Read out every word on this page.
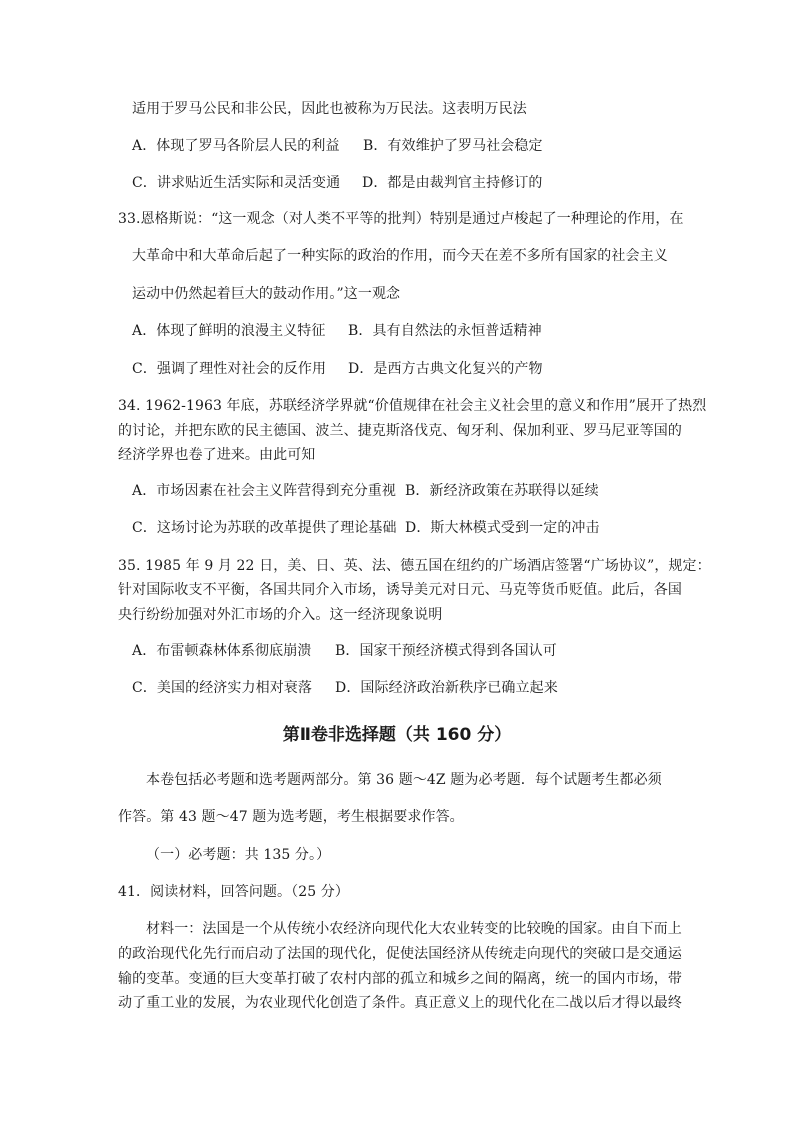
适用于罗马公民和非公民，因此也被称为万民法。这表明万民法
A．体现了罗马各阶层人民的利益 B．有效维护了罗马社会稳定
C．讲求贴近生活实际和灵活变通 D．都是由裁判官主持修订的
33.恩格斯说：“这一观念（对人类不平等的批判）特别是通过卢梭起了一种理论的作用，在
大革命中和大革命后起了一种实际的政治的作用，而今天在差不多所有国家的社会主义
运动中仍然起着巨大的鼓动作用。”这一观念
A．体现了鲜明的浪漫主义特征 B．具有自然法的永恒普适精神
C．强调了理性对社会的反作用 D．是西方古典文化复兴的产物
34. 1962-1963 年底，苏联经济学界就“价值规律在社会主义社会里的意义和作用”展开了热烈
的讨论，并把东欧的民主德国、波兰、捷克斯洛伐克、匈牙利、保加利亚、罗马尼亚等国的
经济学界也卷了进来。由此可知
A．市场因素在社会主义阵营得到充分重视 B．新经济政策在苏联得以延续
C．这场讨论为苏联的改革提供了理论基础 D．斯大林模式受到一定的冲击
35. 1985 年 9 月 22 日，美、日、英、法、德五国在纽约的广场酒店签署“广场协议”，规定：
针对国际收支不平衡，各国共同介入市场，诱导美元对日元、马克等货币贬值。此后，各国
央行纷纷加强对外汇市场的介入。这一经济现象说明
A．布雷顿森林体系彻底崩溃 B．国家干预经济模式得到各国认可
C．美国的经济实力相对衰落 D．国际经济政治新秩序已确立起来
第Ⅱ卷非选择题（共 160 分）
本卷包括必考题和选考题两部分。第 36 题～4Z 题为必考题．每个试题考生都必须
作答。第 43 题～47 题为选考题，考生根据要求作答。
（一）必考题：共 135 分。）
41．阅读材料，回答问题。（25 分）
材料一：法国是一个从传统小农经济向现代化大农业转变的比较晚的国家。由自下而上
的政治现代化先行而启动了法国的现代化，促使法国经济从传统走向现代的突破口是交通运
输的变革。变通的巨大变革打破了农村内部的孤立和城乡之间的隔离，统一的国内市场，带
动了重工业的发展，为农业现代化创造了条件。真正意义上的现代化在二战以后才得以最终
